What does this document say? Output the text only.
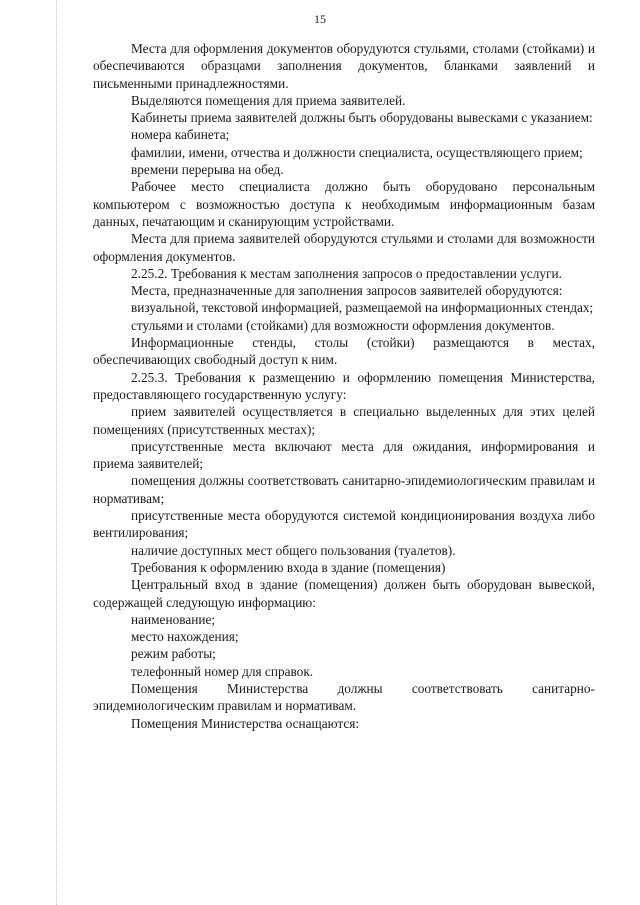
15

Места для оформления документов оборудуются стульями, столами (стойками) и обеспечиваются образцами заполнения документов, бланками заявлений и письменными принадлежностями.

Выделяются помещения для приема заявителей.

Кабинеты приема заявителей должны быть оборудованы вывесками с указанием:

номера кабинета;

фамилии, имени, отчества и должности специалиста, осуществляющего прием;

времени перерыва на обед.

Рабочее место специалиста должно быть оборудовано персональным компьютером с возможностью доступа к необходимым информационным базам данных, печатающим и сканирующим устройствами.

Места для приема заявителей оборудуются стульями и столами для возможности оформления документов.

2.25.2. Требования к местам заполнения запросов о предоставлении услуги.

Места, предназначенные для заполнения запросов заявителей оборудуются:

визуальной, текстовой информацией, размещаемой на информационных стендах;

стульями и столами (стойками) для возможности оформления документов.

Информационные стенды, столы (стойки) размещаются в местах, обеспечивающих свободный доступ к ним.

2.25.3. Требования к размещению и оформлению помещения Министерства, предоставляющего государственную услугу:

прием заявителей осуществляется в специально выделенных для этих целей помещениях (присутственных местах);

присутственные места включают места для ожидания, информирования и приема заявителей;

помещения должны соответствовать санитарно-эпидемиологическим правилам и нормативам;

присутственные места оборудуются системой кондиционирования воздуха либо вентилирования;

наличие доступных мест общего пользования (туалетов).

Требования к оформлению входа в здание (помещения)

Центральный вход в здание (помещения) должен быть оборудован вывеской, содержащей следующую информацию:

наименование;

место нахождения;

режим работы;

телефонный номер для справок.

Помещения Министерства должны соответствовать санитарно-эпидемиологическим правилам и нормативам.

Помещения Министерства оснащаются:
